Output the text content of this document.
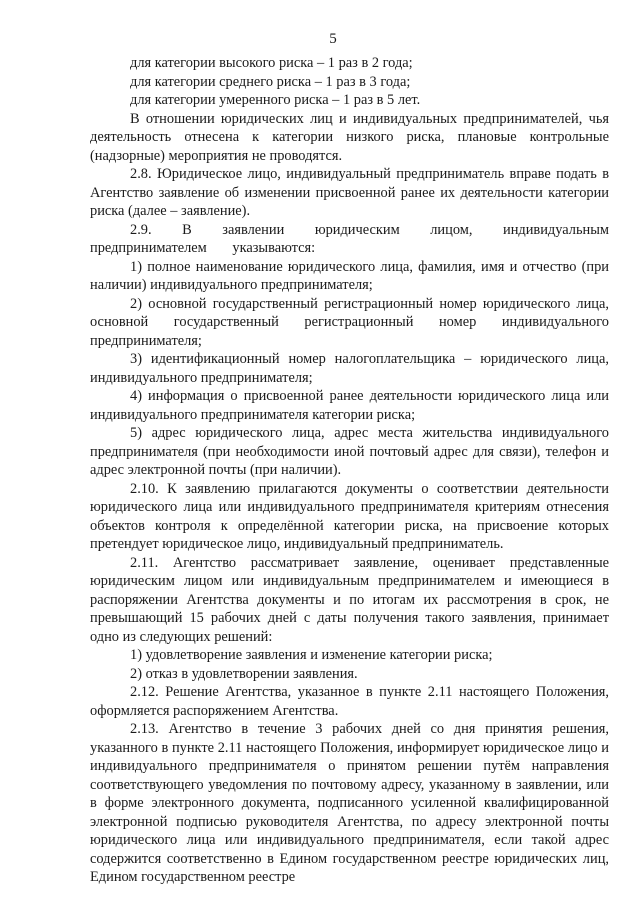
5

для категории высокого риска – 1 раз в 2 года;

для категории среднего риска – 1 раз в 3 года;

для категории умеренного риска – 1 раз в 5 лет.

В отношении юридических лиц и индивидуальных предпринимателей, чья деятельность отнесена к категории низкого риска, плановые контрольные (надзорные) мероприятия не проводятся.

2.8. Юридическое лицо, индивидуальный предприниматель вправе подать в Агентство заявление об изменении присвоенной ранее их деятельности категории риска (далее – заявление).

2.9. В заявлении юридическим лицом, индивидуальным предпринимателем указываются:

1) полное наименование юридического лица, фамилия, имя и отчество (при наличии) индивидуального предпринимателя;

2) основной государственный регистрационный номер юридического лица, основной государственный регистрационный номер индивидуального предпринимателя;

3) идентификационный номер налогоплательщика – юридического лица, индивидуального предпринимателя;

4) информация о присвоенной ранее деятельности юридического лица или индивидуального предпринимателя категории риска;

5) адрес юридического лица, адрес места жительства индивидуального предпринимателя (при необходимости иной почтовый адрес для связи), телефон и адрес электронной почты (при наличии).

2.10. К заявлению прилагаются документы о соответствии деятельности юридического лица или индивидуального предпринимателя критериям отнесения объектов контроля к определённой категории риска, на присвоение которых претендует юридическое лицо, индивидуальный предприниматель.

2.11. Агентство рассматривает заявление, оценивает представленные юридическим лицом или индивидуальным предпринимателем и имеющиеся в распоряжении Агентства документы и по итогам их рассмотрения в срок, не превышающий 15 рабочих дней с даты получения такого заявления, принимает одно из следующих решений:

1) удовлетворение заявления и изменение категории риска;

2) отказ в удовлетворении заявления.

2.12. Решение Агентства, указанное в пункте 2.11 настоящего Положения, оформляется распоряжением Агентства.

2.13. Агентство в течение 3 рабочих дней со дня принятия решения, указанного в пункте 2.11 настоящего Положения, информирует юридическое лицо и индивидуального предпринимателя о принятом решении путём направления соответствующего уведомления по почтовому адресу, указанному в заявлении, или в форме электронного документа, подписанного усиленной квалифицированной электронной подписью руководителя Агентства, по адресу электронной почты юридического лица или индивидуального предпринимателя, если такой адрес содержится соответственно в Едином государственном реестре юридических лиц, Едином государственном реестре
